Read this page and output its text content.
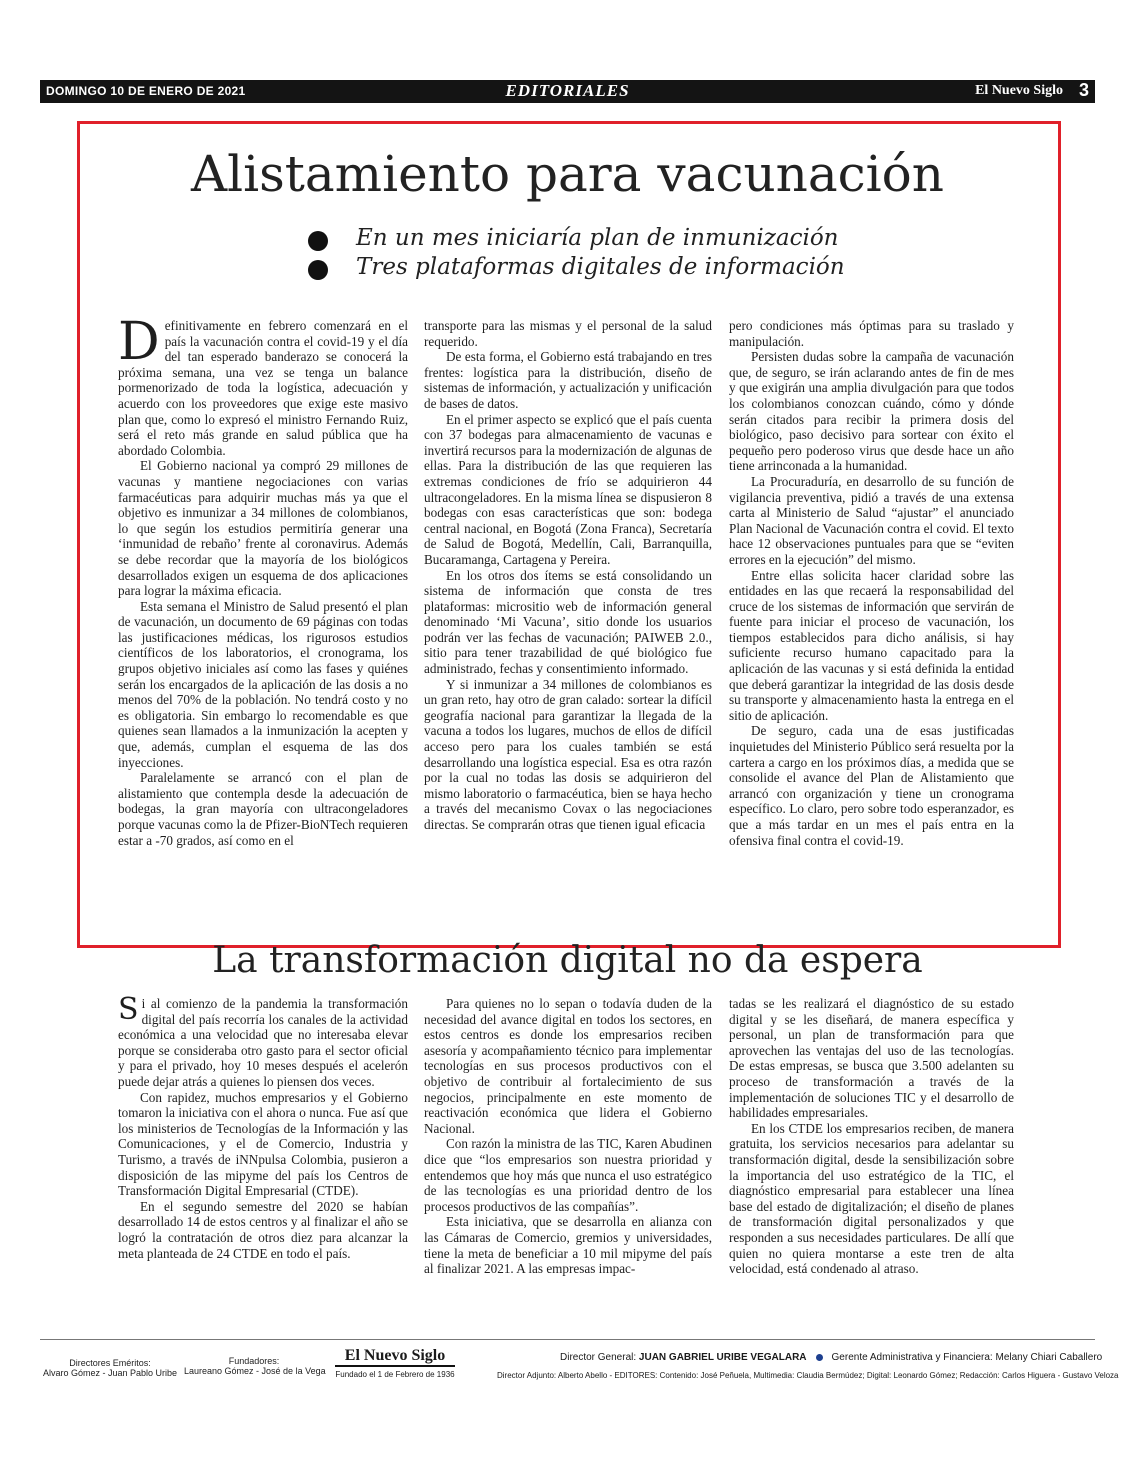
DOMINGO 10 DE ENERO DE 2021	EDITORIALES	El Nuevo Siglo 3
Alistamiento para vacunación
En un mes iniciaría plan de inmunización
Tres plataformas digitales de información

Definitivamente en febrero comenzará en el país la vacunación contra el covid-19 y el día del tan esperado banderazo se conocerá la próxima semana, una vez se tenga un balance pormenorizado de toda la logística, adecuación y acuerdo con los proveedores que exige este masivo plan que, como lo expresó el ministro Fernando Ruiz, será el reto más grande en salud pública que ha abordado Colombia.

El Gobierno nacional ya compró 29 millones de vacunas y mantiene negociaciones con varias farmacéuticas para adquirir muchas más ya que el objetivo es inmunizar a 34 millones de colombianos, lo que según los estudios permitiría generar una ‘inmunidad de rebaño’ frente al coronavirus. Además se debe recordar que la mayoría de los biológicos desarrollados exigen un esquema de dos aplicaciones para lograr la máxima eficacia.

Esta semana el Ministro de Salud presentó el plan de vacunación, un documento de 69 páginas con todas las justificaciones médicas, los rigurosos estudios científicos de los laboratorios, el cronograma, los grupos objetivo iniciales así como las fases y quiénes serán los encargados de la aplicación de las dosis a no menos del 70% de la población. No tendrá costo y no es obligatoria. Sin embargo lo recomendable es que quienes sean llamados a la inmunización la acepten y que, además, cumplan el esquema de las dos inyecciones.

Paralelamente se arrancó con el plan de alistamiento que contempla desde la adecuación de bodegas, la gran mayoría con ultracongeladores porque vacunas como la de Pfizer-BioNTech requieren estar a -70 grados, así como en el

transporte para las mismas y el personal de la salud requerido.

De esta forma, el Gobierno está trabajando en tres frentes: logística para la distribución, diseño de sistemas de información, y actualización y unificación de bases de datos.

En el primer aspecto se explicó que el país cuenta con 37 bodegas para almacenamiento de vacunas e invertirá recursos para la modernización de algunas de ellas. Para la distribución de las que requieren las extremas condiciones de frío se adquirieron 44 ultracongeladores. En la misma línea se dispusieron 8 bodegas con esas características que son: bodega central nacional, en Bogotá (Zona Franca), Secretaría de Salud de Bogotá, Medellín, Cali, Barranquilla, Bucaramanga, Cartagena y Pereira.

En los otros dos ítems se está consolidando un sistema de información que consta de tres plataformas: micrositio web de información general denominado ‘Mi Vacuna’, sitio donde los usuarios podrán ver las fechas de vacunación; PAIWEB 2.0., sitio para tener trazabilidad de qué biológico fue administrado, fechas y consentimiento informado.

Y si inmunizar a 34 millones de colombianos es un gran reto, hay otro de gran calado: sortear la difícil geografía nacional para garantizar la llegada de la vacuna a todos los lugares, muchos de ellos de difícil acceso pero para los cuales también se está desarrollando una logística especial. Esa es otra razón por la cual no todas las dosis se adquirieron del mismo laboratorio o farmacéutica, bien se haya hecho a través del mecanismo Covax o las negociaciones directas. Se comprarán otras que tienen igual eficacia

pero condiciones más óptimas para su traslado y manipulación.

Persisten dudas sobre la campaña de vacunación que, de seguro, se irán aclarando antes de fin de mes y que exigirán una amplia divulgación para que todos los colombianos conozcan cuándo, cómo y dónde serán citados para recibir la primera dosis del biológico, paso decisivo para sortear con éxito el pequeño pero poderoso virus que desde hace un año tiene arrinconada a la humanidad.

La Procuraduría, en desarrollo de su función de vigilancia preventiva, pidió a través de una extensa carta al Ministerio de Salud “ajustar” el anunciado Plan Nacional de Vacunación contra el covid. El texto hace 12 observaciones puntuales para que se “eviten errores en la ejecución” del mismo.

Entre ellas solicita hacer claridad sobre las entidades en las que recaerá la responsabilidad del cruce de los sistemas de información que servirán de fuente para iniciar el proceso de vacunación, los tiempos establecidos para dicho análisis, si hay suficiente recurso humano capacitado para la aplicación de las vacunas y si está definida la entidad que deberá garantizar la integridad de las dosis desde su transporte y almacenamiento hasta la entrega en el sitio de aplicación.

De seguro, cada una de esas justificadas inquietudes del Ministerio Público será resuelta por la cartera a cargo en los próximos días, a medida que se consolide el avance del Plan de Alistamiento que arrancó con organización y tiene un cronograma específico. Lo claro, pero sobre todo esperanzador, es que a más tardar en un mes el país entra en la ofensiva final contra el covid-19.

La transformación digital no da espera

Si al comienzo de la pandemia la transformación digital del país recorría los canales de la actividad económica a una velocidad que no interesaba elevar porque se consideraba otro gasto para el sector oficial y para el privado, hoy 10 meses después el acelerón puede dejar atrás a quienes lo piensen dos veces.

Con rapidez, muchos empresarios y el Gobierno tomaron la iniciativa con el ahora o nunca. Fue así que los ministerios de Tecnologías de la Información y las Comunicaciones, y el de Comercio, Industria y Turismo, a través de iNNpulsa Colombia, pusieron a disposición de las mipyme del país los Centros de Transformación Digital Empresarial (CTDE).

En el segundo semestre del 2020 se habían desarrollado 14 de estos centros y al finalizar el año se logró la contratación de otros diez para alcanzar la meta planteada de 24 CTDE en todo el país.

Para quienes no lo sepan o todavía duden de la necesidad del avance digital en todos los sectores, en estos centros es donde los empresarios reciben asesoría y acompañamiento técnico para implementar tecnologías en sus procesos productivos con el objetivo de contribuir al fortalecimiento de sus negocios, principalmente en este momento de reactivación económica que lidera el Gobierno Nacional.

Con razón la ministra de las TIC, Karen Abudinen dice que “los empresarios son nuestra prioridad y entendemos que hoy más que nunca el uso estratégico de las tecnologías es una prioridad dentro de los procesos productivos de las compañías”.

Esta iniciativa, que se desarrolla en alianza con las Cámaras de Comercio, gremios y universidades, tiene la meta de beneficiar a 10 mil mipyme del país al finalizar 2021. A las empresas impac-

tadas se les realizará el diagnóstico de su estado digital y se les diseñará, de manera específica y personal, un plan de transformación para que aprovechen las ventajas del uso de las tecnologías. De estas empresas, se busca que 3.500 adelanten su proceso de transformación a través de la implementación de soluciones TIC y el desarrollo de habilidades empresariales.

En los CTDE los empresarios reciben, de manera gratuita, los servicios necesarios para adelantar su transformación digital, desde la sensibilización sobre la importancia del uso estratégico de la TIC, el diagnóstico empresarial para establecer una línea base del estado de digitalización; el diseño de planes de transformación digital personalizados y que responden a sus necesidades particulares. De allí que quien no quiera montarse a este tren de alta velocidad, está condenado al atraso.

Directores Eméritos:
Alvaro Gómez - Juan Pablo Uribe
Fundadores:
Laureano Gómez - José de la Vega
El Nuevo Siglo
Fundado el 1 de Febrero de 1936
Director General: JUAN GABRIEL URIBE VEGALARA	Gerente Administrativa y Financiera: Melany Chiari Caballero
Director Adjunto: Alberto Abello - EDITORES: Contenido: José Peñuela, Multimedia: Claudia Bermúdez; Digital: Leonardo Gómez; Redacción: Carlos Higuera - Gustavo Veloza
